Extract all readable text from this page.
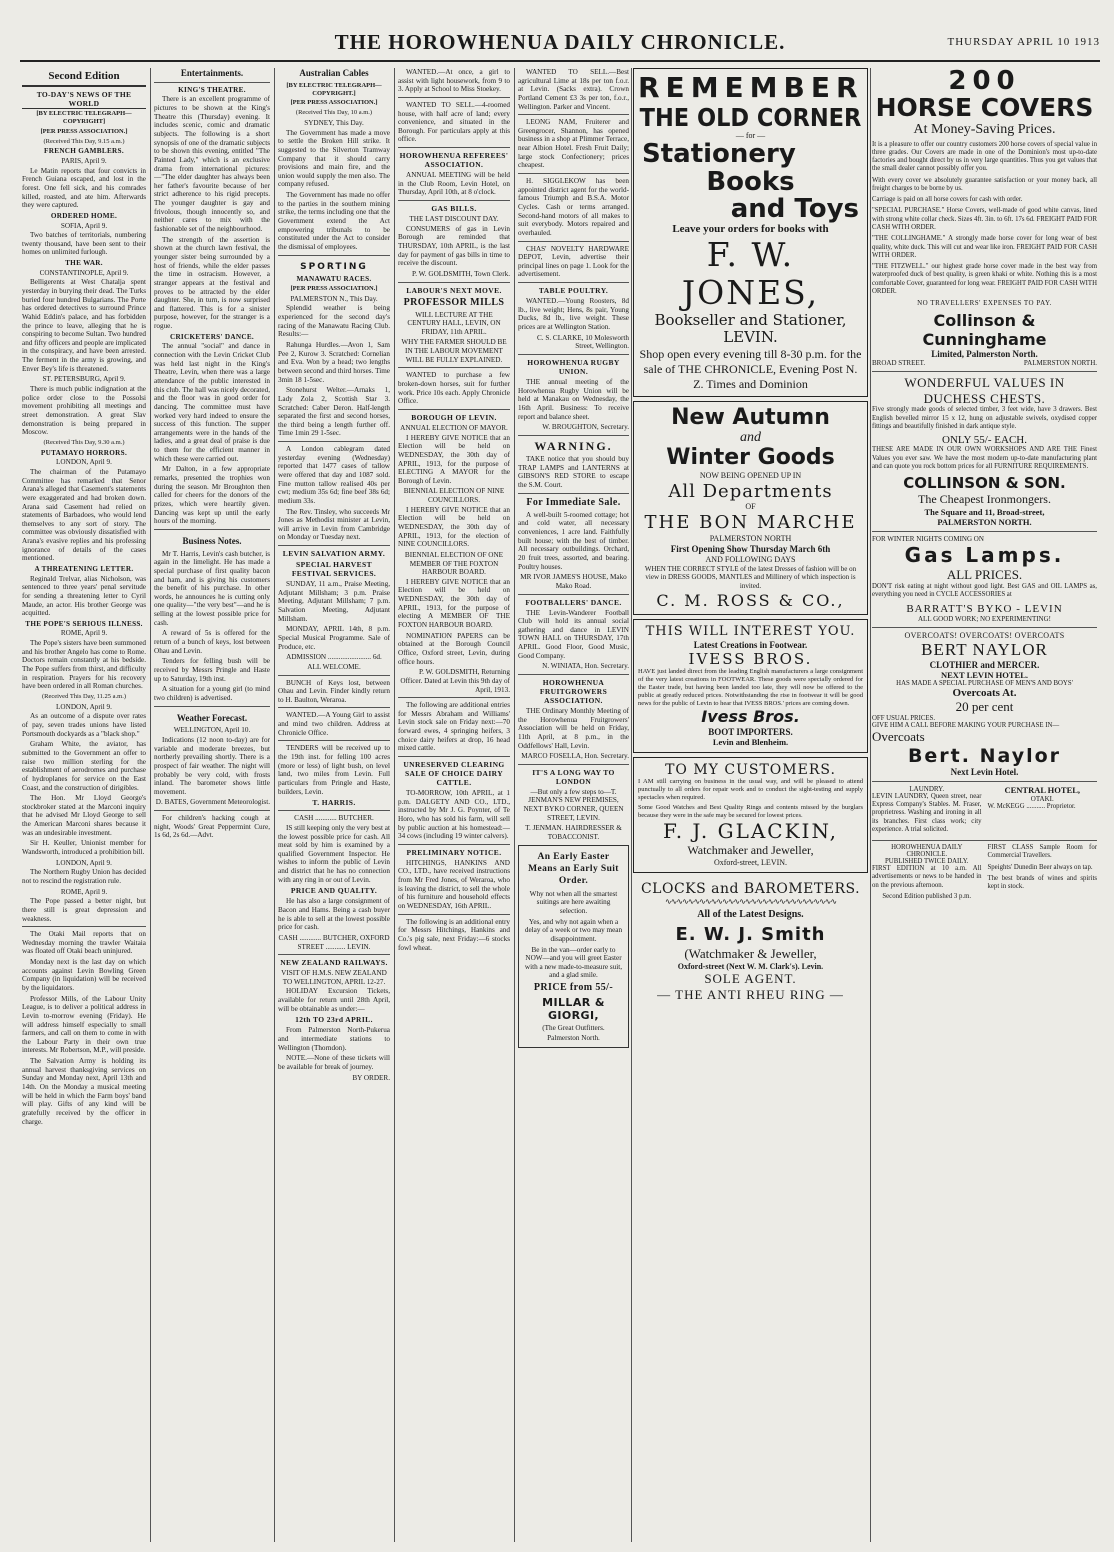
THE HOROWHENUA DAILY CHRONICLE.	THURSDAY APRIL 10 1913
Second Edition
TO-DAY'S NEWS OF THE WORLD
[BY ELECTRIC TELEGRAPH—COPYRIGHT]
[PER PRESS ASSOCIATION.]
(Received This Day, 9.15 a.m.)
FRENCH GAMBLERS.
PARIS, April 9.

Le Matin reports that four convicts in French Guiana escaped, and lost in the forest. One fell sick, and his comrades killed, roasted, and ate him. Afterwards they were captured.

ORDERED HOME.
SOFIA, April 9.

Two batches of territorials, numbering twenty thousand, have been sent to their homes on unlimited furlough.

THE WAR.
CONSTANTINOPLE, April 9.

Belligerents at West Chatalja spent yesterday in burying their dead. The Turks buried four hundred Bulgarians. The Porte has ordered detectives to surround Prince Wahid Eddin's palace, and has forbidden the prince to leave, alleging that he is conspiring to become Sultan. Two hundred and fifty officers and people are implicated in the conspiracy, and have been arrested. The ferment in the army is growing, and Enver Bey's life is threatened.

ST. PETERSBURG, April 9.

There is much public indignation at the police order close to the Possolsi movement prohibiting all meetings and street demonstration. A great Slav demonstration is being prepared in Moscow.

(Received This Day, 9.30 a.m.)
PUTAMAYO HORRORS.
LONDON, April 9.

The chairman of the Putamayo Committee has remarked that Senor Arana's alleged that Casement's statements were exaggerated and had broken down. Arana said Casement had relied on statements of Barbadoes, who would lend themselves to any sort of story. The committee was obviously dissatisfied with Arana's evasive replies and his professing ignorance of details of the cases mentioned.

A THREATENING LETTER.

Reginald Trelvar, alias Nicholson, was sentenced to three years' penal servitude for sending a threatening letter to Cyril Maude, an actor. His brother George was acquitted.

THE POPE'S SERIOUS ILLNESS.
ROME, April 9.

The Pope's sisters have been summoned and his brother Angelo has come to Rome. Doctors remain constantly at his bedside. The Pope suffers from thirst, and difficulty in respiration. Prayers for his recovery have been ordered in all Roman churches.

(Received This Day, 11.25 a.m.)
LONDON, April 9.

As an outcome of a dispute over rates of pay, seven trades unions have listed Portsmouth dockyards as a "black shop."

Graham White, the aviator, has submitted to the Government an offer to raise two million sterling for the establishment of aerodromes and purchase of hydroplanes for service on the East Coast, and the construction of dirigibles.

The Hon. Mr Lloyd George's stockbroker stated at the Marconi inquiry that he advised Mr Lloyd George to sell the American Marconi shares because it was an undesirable investment.

Sir H. Keuller, Unionist member for Wandsworth, introduced a prohibition bill.

LONDON, April 9.

The Northern Rugby Union has decided not to rescind the registration rule.

ROME, April 9.

The Pope passed a better night, but there still is great depression and weakness.

The Otaki Mail reports that on Wednesday morning the trawler Waitaia was floated off Otaki beach uninjured.

Monday next is the last day on which accounts against Levin Bowling Green Company (in liquidation) will be received by the liquidators.

Professor Mills, of the Labour Unity League, is to deliver a political address in Levin to-morrow evening (Friday). He will address himself especially to small farmers, and call on them to come in with the Labour Party in their own true interests. Mr Robertson, M.P., will preside.

The Salvation Army is holding its annual harvest thanksgiving services on Sunday and Monday next, April 13th and 14th. On the Monday a musical meeting will be held in which the Farm boys' band will play. Gifts of any kind will be gratefully received by the officer in charge.

Entertainments.
KING'S THEATRE.

There is an excellent programme of pictures to be shown at the King's Theatre this (Thursday) evening. It includes scenic, comic and dramatic subjects. The following is a short synopsis of one of the dramatic subjects to be shown this evening, entitled "The Painted Lady," which is an exclusive drama from international pictures:—"The elder daughter has always been her father's favourite because of her strict adherence to his rigid precepts. The younger daughter is gay and frivolous, though innocently so, and neither cares to mix with the fashionable set of the neighbourhood.

The strength of the assertion is shown at the church lawn festival, the younger sister being surrounded by a host of friends, while the elder passes the time in ostracism. However, a stranger appears at the festival and proves to be attracted by the elder daughter. She, in turn, is now surprised and flattered. This is for a sinister purpose, however, for the stranger is a rogue.

CRICKETERS' DANCE.

The annual "social" and dance in connection with the Levin Cricket Club was held last night in the King's Theatre, Levin, when there was a large attendance of the public interested in this club. The hall was nicely decorated, and the floor was in good order for dancing. The committee must have worked very hard indeed to ensure the success of this function. The supper arrangements were in the hands of the ladies, and a great deal of praise is due to them for the efficient manner in which these were carried out.

Mr Dalton, in a few appropriate remarks, presented the trophies won during the season. Mr Broughton then called for cheers for the donors of the prizes, which were heartily given. Dancing was kept up until the early hours of the morning.

Business Notes.

Mr T. Harris, Levin's cash butcher, is again in the limelight. He has made a special purchase of first quality bacon and ham, and is giving his customers the benefit of his purchase. In other words, he announces he is cutting only one quality—"the very best"—and he is selling at the lowest possible price for cash.

A reward of 5s is offered for the return of a bunch of keys, lost between Ohau and Levin.

Tenders for felling bush will be received by Messrs Pringle and Haste up to Saturday, 19th inst.

A situation for a young girl (to mind two children) is advertised.

Weather Forecast.
WELLINGTON, April 10.

Indications (12 noon to-day) are for variable and moderate breezes, but northerly prevailing shortly. There is a prospect of fair weather. The night will probably be very cold, with frosts inland. The barometer shows little movement.

D. BATES, Government Meteorologist.

For children's hacking cough at night, Woods' Great Peppermint Cure, 1s 6d, 2s 6d.—Advt.

Australian Cables
[BY ELECTRIC TELEGRAPH—COPYRIGHT.]
[PER PRESS ASSOCIATION.]
(Received This Day, 10 a.m.)
SYDNEY, This Day.

The Government has made a move to settle the Broken Hill strike. It suggested to the Silverton Tramway Company that it should carry provisions and main fire, and the union would supply the men also. The company refused.

The Government has made no offer to the parties in the southern mining strike, the terms including one that the Government extend the Act empowering tribunals to be constituted under the Act to consider the dismissal of employees.

SPORTING
MANAWATU RACES.
[PER PRESS ASSOCIATION.]
PALMERSTON N., This Day.

Splendid weather is being experienced for the second day's racing of the Manawatu Racing Club. Results:—

Rahunga Hurdles.—Avon 1, Sam Pee 2, Kurow 3. Scratched: Cornelian and Eva. Won by a head; two lengths between second and third horses. Time 3min 18 1-5sec.

Stonehurst Welter.—Arnaks 1, Lady Zola 2, Scottish Star 3. Scratched: Caber Deron. Half-length separated the first and second horses, the third being a length further off. Time 1min 29 1-5sec.

A London cablegram dated yesterday evening (Wednesday) reported that 1477 cases of tallow were offered that day and 1087 sold. Fine mutton tallow realised 40s per cwt; medium 35s 6d; fine beef 38s 6d; medium 33s.

The Rev. Tinsley, who succeeds Mr Jones as Methodist minister at Levin, will arrive in Levin from Cambridge on Monday or Tuesday next.

LEVIN SALVATION ARMY.
SPECIAL HARVEST FESTIVAL SERVICES.

SUNDAY, 11 a.m., Praise Meeting, Adjutant Millsham; 3 p.m. Praise Meeting, Adjutant Millsham; 7 p.m. Salvation Meeting, Adjutant Millsham.

MONDAY, APRIL 14th, 8 p.m. Special Musical Programme. Sale of Produce, etc.

ADMISSION ........................ 6d.
ALL WELCOME.

BUNCH of Keys lost, between Ohau and Levin. Finder kindly return to H. Baulton, Weraroa.

WANTED.—A Young Girl to assist and mind two children. Address at Chronicle Office.

TENDERS will be received up to the 19th inst. for felling 100 acres (more or less) of light bush, on level land, two miles from Levin. Full particulars from Pringle and Haste, builders, Levin.

T. HARRIS.
CASH ............ BUTCHER.

IS still keeping only the very best at the lowest possible price for cash. All meat sold by him is examined by a qualified Government Inspector. He wishes to inform the public of Levin and district that he has no connection with any ring in or out of Levin.

PRICE AND QUALITY.

He has also a large consignment of Bacon and Hams. Being a cash buyer he is able to sell at the lowest possible price for cash.

CASH ............ BUTCHER, OXFORD STREET ........... LEVIN.
NEW ZEALAND RAILWAYS.
VISIT OF H.M.S. NEW ZEALAND TO WELLINGTON, APRIL 12-27.

HOLIDAY Excursion Tickets, available for return until 28th April, will be obtainable as under:—

12th TO 23rd APRIL.

From Palmerston North-Pukerua and intermediate stations to Wellington (Thorndon).

NOTE.—None of these tickets will be available for break of journey.

BY ORDER.

WANTED.—At once, a girl to assist with light housework, from 9 to 3. Apply at School to Miss Stoekey.

WANTED TO SELL.—4-roomed house, with half acre of land; every convenience, and situated in the Borough. For particulars apply at this office.

HOROWHENUA REFEREES' ASSOCIATION.

ANNUAL MEETING will be held in the Club Room, Levin Hotel, on Thursday, April 10th, at 8 o'clock.

GAS BILLS.
THE LAST DISCOUNT DAY.

CONSUMERS of gas in Levin Borough are reminded that THURSDAY, 10th APRIL, is the last day for payment of gas bills in time to receive the discount.

P. W. GOLDSMITH, Town Clerk.
LABOUR'S NEXT MOVE.
PROFESSOR MILLS

WILL LECTURE AT THE CENTURY HALL, LEVIN, ON FRIDAY, 11th APRIL.

WHY THE FARMER SHOULD BE IN THE LABOUR MOVEMENT WILL BE FULLY EXPLAINED.

WANTED to purchase a few broken-down horses, suit for further work. Price 10s each. Apply Chronicle Office.

BOROUGH OF LEVIN.
ANNUAL ELECTION OF MAYOR.

I HEREBY GIVE NOTICE that an Election will be held on WEDNESDAY, the 30th day of APRIL, 1913, for the purpose of ELECTING A MAYOR for the Borough of Levin.

BIENNIAL ELECTION OF NINE COUNCILLORS.

I HEREBY GIVE NOTICE that an Election will be held on WEDNESDAY, the 30th day of APRIL, 1913, for the election of NINE COUNCILLORS.

BIENNIAL ELECTION OF ONE MEMBER OF THE FOXTON HARBOUR BOARD.

I HEREBY GIVE NOTICE that an Election will be held on WEDNESDAY, the 30th day of APRIL, 1913, for the purpose of electing A MEMBER OF THE FOXTON HARBOUR BOARD.

NOMINATION PAPERS can be obtained at the Borough Council Office, Oxford street, Levin, during office hours.

P. W. GOLDSMITH, Returning Officer. Dated at Levin this 9th day of April, 1913.

The following are additional entries for Messrs Abraham and Williams' Levin stock sale on Friday next:—70 forward ewes, 4 springing heifers, 3 choice dairy heifers at drop, 16 head mixed cattle.

UNRESERVED CLEARING SALE OF CHOICE DAIRY CATTLE.

TO-MORROW, 10th APRIL, at 1 p.m. DALGETY AND CO., LTD., instructed by Mr J. G. Poynter, of Te Horo, who has sold his farm, will sell by public auction at his homestead:—34 cows (including 19 winter calvers).

PRELIMINARY NOTICE.

HITCHINGS, HANKINS AND CO., LTD., have received instructions from Mr Fred Jones, of Weraroa, who is leaving the district, to sell the whole of his furniture and household effects on WEDNESDAY, 16th APRIL.

The following is an additional entry for Messrs Hitchings, Hankins and Co.'s pig sale, next Friday:—6 stocks fowl wheat.

WANTED TO SELL.—Best agricultural Lime at 18s per ton f.o.r. at Levin. (Sacks extra). Crown Portland Cement £3 3s per ton, f.o.r., Wellington. Parker and Vincent.

LEONG NAM, Fruiterer and Greengrocer, Shannon, has opened business in a shop at Plimmer Terrace, near Albion Hotel. Fresh Fruit Daily; large stock Confectionery; prices cheapest.

H. SIGGLEKOW has been appointed district agent for the world-famous Triumph and B.S.A. Motor Cycles. Cash or terms arranged. Second-hand motors of all makes to suit everybody. Motors repaired and overhauled.

CHAS' NOVELTY HARDWARE DEPOT, Levin, advertise their principal lines on page 1. Look for the advertisement.

TABLE POULTRY.

WANTED.—Young Roosters, 8d lb., live weight; Hens, 8s pair, Young Ducks, 8d lb., live weight. These prices are at Wellington Station.

C. S. CLARKE, 10 Molesworth Street, Wellington.
HOROWHENUA RUGBY UNION.

THE annual meeting of the Horowhenua Rugby Union will be held at Manakau on Wednesday, the 16th April. Business: To receive report and balance sheet.

W. BROUGHTON, Secretary.
WARNING.

TAKE notice that you should buy TRAP LAMPS and LANTERNS at GIBSON'S RED STORE to escape the S.M. Court.

For Immediate Sale.

A well-built 5-roomed cottage; hot and cold water, all necessary conveniences, 1 acre land. Faithfully built house; with the best of timber. All necessary outbuildings. Orchard, 20 fruit trees, assorted, and bearing. Poultry houses.

MR IVOR JAMES'S HOUSE, Mako Mako Road.
FOOTBALLERS' DANCE.

THE Levin-Wanderer Football Club will hold its annual social gathering and dance in LEVIN TOWN HALL on THURSDAY, 17th APRIL. Good Floor, Good Music, Good Company.

N. WINIATA, Hon. Secretary.
HOROWHENUA FRUITGROWERS ASSOCIATION.

THE Ordinary Monthly Meeting of the Horowhenua Fruitgrowers' Association will be held on Friday, 11th April, at 8 p.m., in the Oddfellows' Hall, Levin.

MARCO FOSELLA, Hon. Secretary.
IT'S A LONG WAY TO LONDON

—But only a few steps to—T. JENMAN'S NEW PREMISES, NEXT BYKO CORNER, QUEEN STREET, LEVIN.

T. JENMAN. HAIRDRESSER & TOBACCONIST.
An Early Easter Means an Early Suit Order.

Why not when all the smartest suitings are here awaiting selection.

Yes, and why not again when a delay of a week or two may mean disappointment.

Be in the van—order early to NOW—and you will greet Easter with a new made-to-measure suit, and a glad smile.

PRICE from 55/-
MILLAR & GIORGI,
(The Great Outfitters.
Palmerston North.
REMEMBER
THE OLD CORNER
— for —
Stationery
Books
and Toys
Leave your orders for books with
F. W. JONES,
Bookseller and Stationer,
LEVIN.
Shop open every evening till 8-30 p.m. for the sale of THE CHRONICLE, Evening Post N. Z. Times and Dominion
New Autumn
and
Winter Goods
NOW BEING OPENED UP IN
All Departments
OF
THE BON MARCHE
PALMERSTON NORTH
First Opening Show Thursday March 6th
AND FOLLOWING DAYS
WHEN THE CORRECT STYLE of the latest Dresses of fashion will be on view in DRESS GOODS, MANTLES and Millinery of which inspection is invited.
C. M. ROSS & CO.,
THIS WILL INTEREST YOU.
Latest Creations in Footwear.
IVESS BROS.
HAVE just landed direct from the leading English manufacturers a large consignment of the very latest creations in FOOTWEAR. These goods were specially ordered for the Easter trade, but having been landed too late, they will now be offered to the public at greatly reduced prices. Notwithstanding the rise in footwear it will be good news for the public of Levin to hear that IVESS BROS.' prices are coming down.
Ivess Bros.
BOOT IMPORTERS.
Levin and Blenheim.
TO MY CUSTOMERS.
I AM still carrying on business in the usual way, and will be pleased to attend punctually to all orders for repair work and to conduct the sight-testing and supply spectacles when required.
Some Good Watches and Best Quality Rings and contents missed by the burglars because they were in the safe may be secured for lowest prices.
F. J. GLACKIN,
Watchmaker and Jeweller,
Oxford-street, LEVIN.
CLOCKS and BAROMETERS.
∿∿∿∿∿∿∿∿∿∿∿∿∿∿∿∿∿∿∿∿∿∿∿∿∿∿∿∿∿∿
All of the Latest Designs.
E. W. J. Smith
(Watchmaker & Jeweller,
Oxford-street (Next W. M. Clark's). Levin.
SOLE AGENT.
— THE ANTI RHEU RING —
200
HORSE COVERS
At Money-Saving Prices.

It is a pleasure to offer our country customers 200 horse covers of special value in three grades. Our Covers are made in one of the Dominion's most up-to-date factories and bought direct by us in very large quantities. Thus you get values that the small dealer cannot possibly offer you.

With every cover we absolutely guarantee satisfaction or your money back, all freight charges to be borne by us.

Carriage is paid on all horse covers for cash with order.

"SPECIAL PURCHASE." Horse Covers, well-made of good white canvas, lined with strong white collar check. Sizes 4ft. 3in. to 6ft. 17s 6d. FREIGHT PAID FOR CASH WITH ORDER.

"THE COLLINGHAME." A strongly made horse cover for long wear of best quality, white duck. This will cut and wear like iron. FREIGHT PAID FOR CASH WITH ORDER.

"THE FITZWELL." our highest grade horse cover made in the best way from waterproofed duck of best quality, is green khaki or white. Nothing this is a most comfortable Cover, guaranteed for long wear. FREIGHT PAID FOR CASH WITH ORDER.

NO TRAVELLERS' EXPENSES TO PAY.
Collinson & Cunninghame
Limited, Palmerston North.
BROAD STREET.	PALMERSTON NORTH.
WONDERFUL VALUES IN DUCHESS CHESTS.

Five strongly made goods of selected timber, 3 feet wide, have 3 drawers. Best English bevelled mirror 15 x 12, hung on adjustable swivels, oxydised copper fittings and beautifully finished in dark antique style.

ONLY 55/- EACH.

THESE ARE MADE IN OUR OWN WORKSHOPS AND ARE THE Finest Values you ever saw. We have the most modern up-to-date manufacturing plant and can quote you rock bottom prices for all FURNITURE REQUIREMENTS.

COLLINSON & SON.
The Cheapest Ironmongers.
The Square and 11, Broad-street,
PALMERSTON NORTH.
FOR WINTER NIGHTS COMING ON
Gas Lamps.
ALL PRICES.

DON'T risk eating at night without good light. Best GAS and OIL LAMPS as, everything you need in CYCLE ACCESSORIES at

BARRATT'S BYKO - LEVIN
ALL GOOD WORK; NO EXPERIMENTING!
OVERCOATS! OVERCOATS! OVERCOATS
BERT NAYLOR
CLOTHIER and MERCER.
NEXT LEVIN HOTEL.
HAS MADE A SPECIAL PURCHASE OF MEN'S AND BOYS'
Overcoats At.
20 per cent
OFF USUAL PRICES.
GIVE HIM A CALL BEFORE MAKING YOUR PURCHASE IN—
Overcoats
Bert. Naylor
Next Levin Hotel.
LAUNDRY.

LEVIN LAUNDRY, Queen street, near Express Company's Stables. M. Fraser, proprietress. Washing and ironing in all its branches. First class work; city experience. A trial solicited.

CENTRAL HOTEL,
OTAKI.

W. McKEGG ........... Proprietor.

HOROWHENUA DAILY CHRONICLE.
PUBLISHED TWICE DAILY.

FIRST EDITION at 10 a.m. All advertisements or news to be handed in on the previous afternoon.

Second Edition published 3 p.m.

FIRST CLASS Sample Room for Commercial Travellers.

Speights' Dunedin Beer always on tap.

The best brands of wines and spirits kept in stock.
